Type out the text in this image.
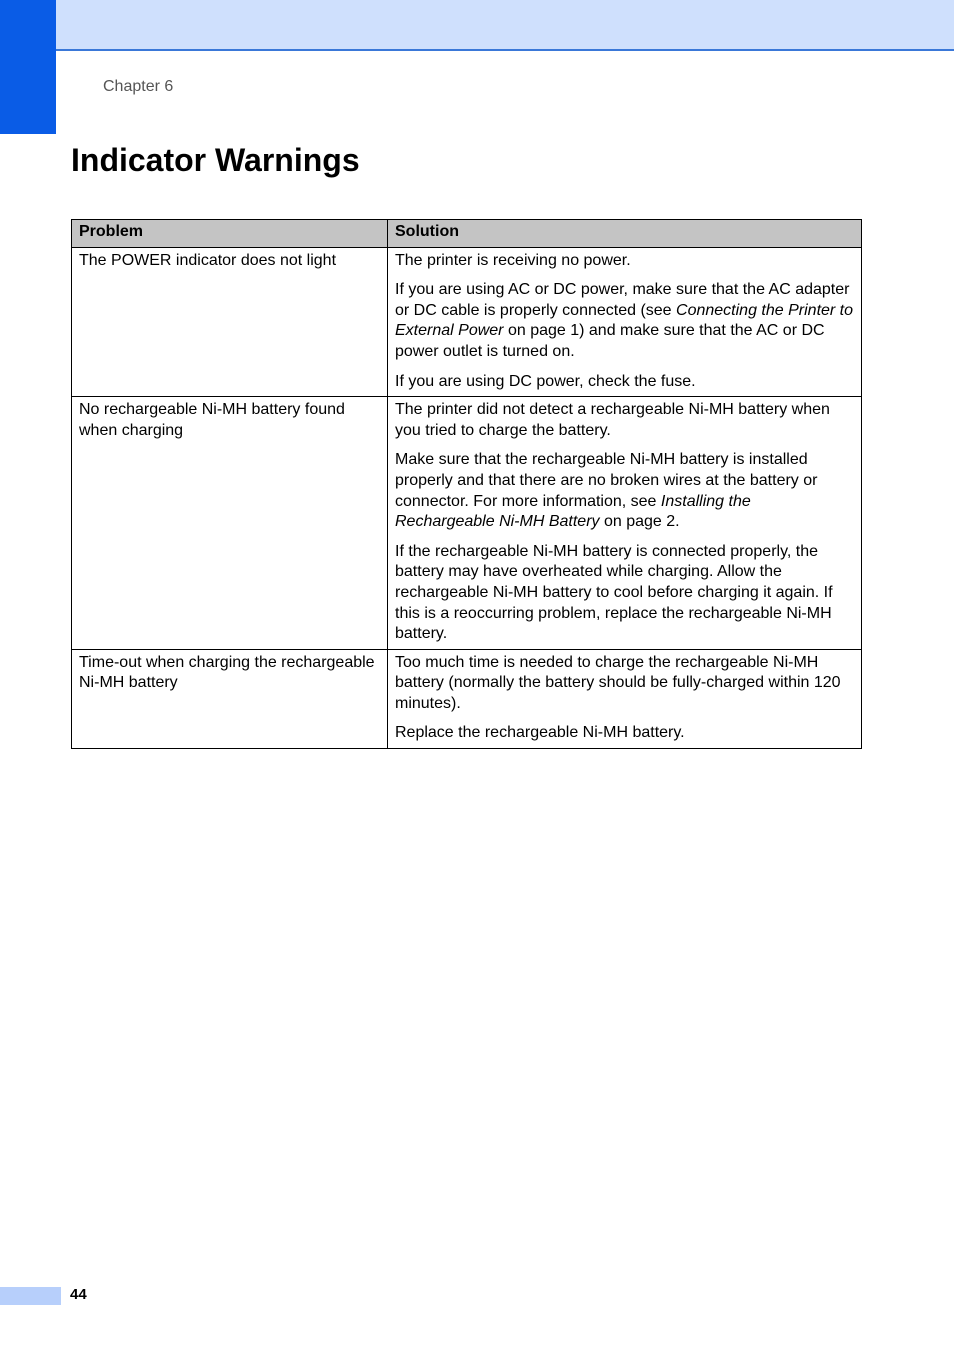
Chapter 6
Indicator Warnings
Problem	Solution
The POWER indicator does not light	The printer is receiving no power.

If you are using AC or DC power, make sure that the AC adapter or DC cable is properly connected (see Connecting the Printer to External Power on page 1) and make sure that the AC or DC power outlet is turned on.

If you are using DC power, check the fuse.

No rechargeable Ni-MH battery found when charging	The printer did not detect a rechargeable Ni-MH battery when you tried to charge the battery.

Make sure that the rechargeable Ni-MH battery is installed properly and that there are no broken wires at the battery or connector. For more information, see Installing the Rechargeable Ni-MH Battery on page 2.

If the rechargeable Ni-MH battery is connected properly, the battery may have overheated while charging. Allow the rechargeable Ni-MH battery to cool before charging it again. If this is a reoccurring problem, replace the rechargeable Ni-MH battery.

Time-out when charging the rechargeable Ni-MH battery	Too much time is needed to charge the rechargeable Ni-MH battery (normally the battery should be fully-charged within 120 minutes).

Replace the rechargeable Ni-MH battery.

44
